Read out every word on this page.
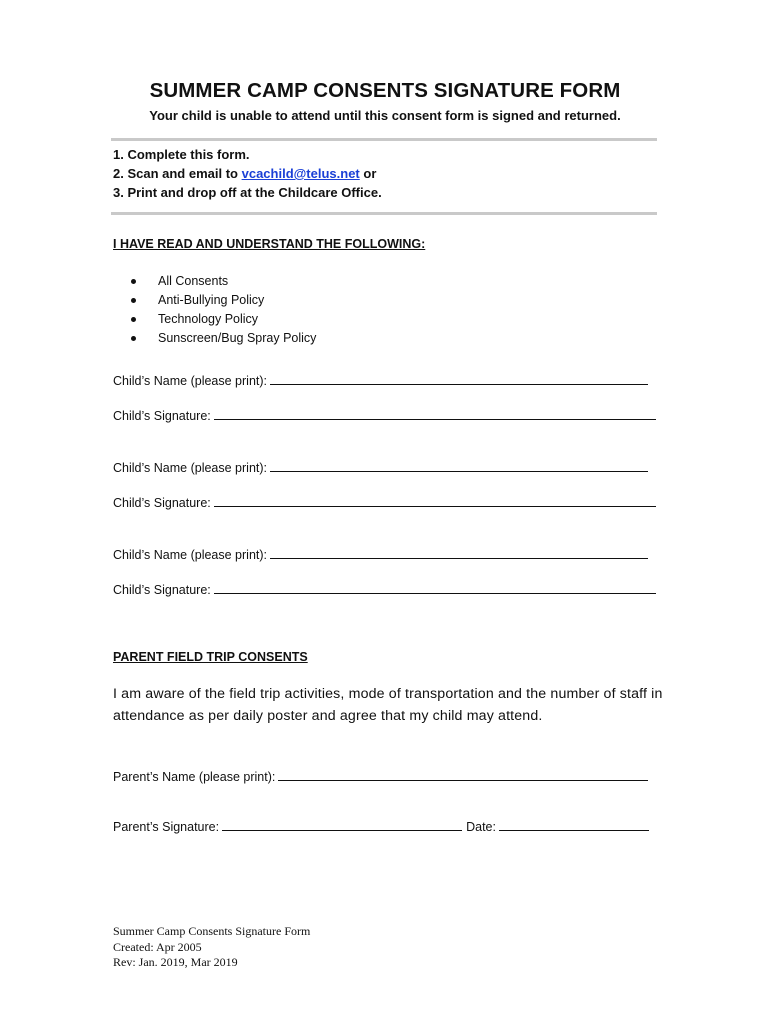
SUMMER CAMP CONSENTS SIGNATURE FORM
Your child is unable to attend until this consent form is signed and returned.
1. Complete this form.
2. Scan and email to vcachild@telus.net or
3. Print and drop off at the Childcare Office.
I HAVE READ AND UNDERSTAND THE FOLLOWING:
All Consents
Anti-Bullying Policy
Technology Policy
Sunscreen/Bug Spray Policy
Child’s Name (please print):
Child’s Signature:
Child’s Name (please print):
Child’s Signature:
Child’s Name (please print):
Child’s Signature:
PARENT FIELD TRIP CONSENTS
I am aware of the field trip activities, mode of transportation and the number of staff in
attendance as per daily poster and agree that my child may attend.
Parent’s Name (please print):
Parent’s Signature:	Date:
Summer Camp Consents Signature Form
Created: Apr 2005
Rev: Jan. 2019, Mar 2019
